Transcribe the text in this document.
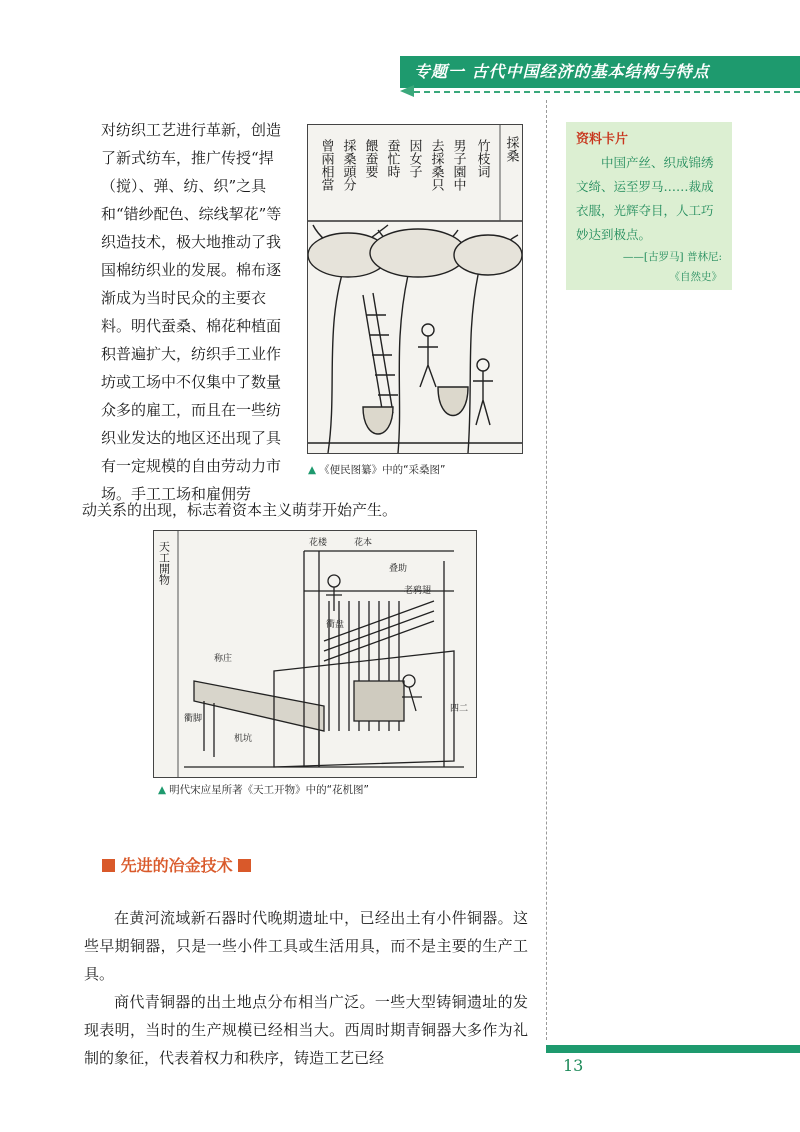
专题一 古代中国经济的基本结构与特点

对纺织工艺进行革新，创造了新式纺车，推广传授“捍（搅）、弹、纺、织”之具和“错纱配色、综线挈花”等织造技术，极大地推动了我国棉纺织业的发展。棉布逐渐成为当时民众的主要衣料。明代蚕桑、棉花种植面积普遍扩大，纺织手工业作坊或工场中不仅集中了数量众多的雇工，而且在一些纺织业发达的地区还出现了具有一定规模的自由劳动力市场。手工工场和雇佣劳

动关系的出现，标志着资本主义萌芽开始产生。

採桑
竹枝词
男子園中
去採桑只
因女子
蚕忙時
餵蚕要
採桑頭分
曾兩相當
▲ 《便民图纂》中的“采桑图”
天工開物	花楼
衢脚
老鸦翅
叠助
称庄
花本
衢盘
四二
机坑
▲ 明代宋应星所著《天工开物》中的“花机图”
先进的冶金技术

在黄河流域新石器时代晚期遗址中，已经出土有小件铜器。这些早期铜器，只是一些小件工具或生活用具，而不是主要的生产工具。

商代青铜器的出土地点分布相当广泛。一些大型铸铜遗址的发现表明，当时的生产规模已经相当大。西周时期青铜器大多作为礼制的象征，代表着权力和秩序，铸造工艺已经

资料卡片

中国产丝、织成锦绣文绮、运至罗马……裁成衣服，光辉夺目，人工巧妙达到极点。

——[古罗马] 普林尼:

《自然史》

13
